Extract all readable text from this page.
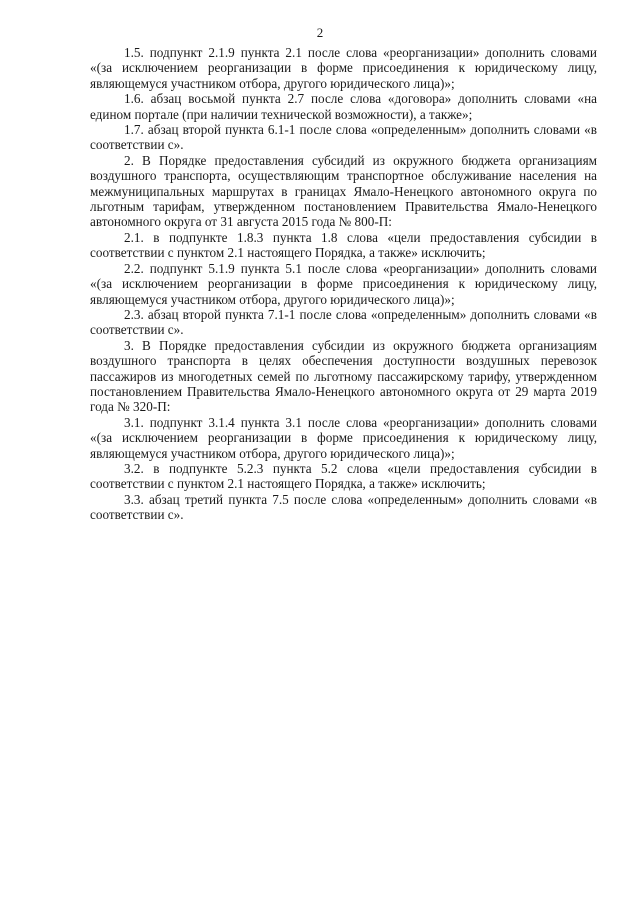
2

1.5. подпункт 2.1.9 пункта 2.1 после слова «реорганизации» дополнить словами «(за исключением реорганизации в форме присоединения к юридическому лицу, являющемуся участником отбора, другого юридического лица)»;

1.6. абзац восьмой пункта 2.7 после слова «договора» дополнить словами «на едином портале (при наличии технической возможности), а также»;

1.7. абзац второй пункта 6.1-1 после слова «определенным» дополнить словами «в соответствии с».

2. В Порядке предоставления субсидий из окружного бюджета организациям воздушного транспорта, осуществляющим транспортное обслуживание населения на межмуниципальных маршрутах в границах Ямало-Ненецкого автономного округа по льготным тарифам, утвержденном постановлением Правительства Ямало-Ненецкого автономного округа от 31 августа 2015 года № 800-П:

2.1. в подпункте 1.8.3 пункта 1.8 слова «цели предоставления субсидии в соответствии с пунктом 2.1 настоящего Порядка, а также» исключить;

2.2. подпункт 5.1.9 пункта 5.1 после слова «реорганизации» дополнить словами «(за исключением реорганизации в форме присоединения к юридическому лицу, являющемуся участником отбора, другого юридического лица)»;

2.3. абзац второй пункта 7.1-1 после слова «определенным» дополнить словами «в соответствии с».

3. В Порядке предоставления субсидии из окружного бюджета организациям воздушного транспорта в целях обеспечения доступности воздушных перевозок пассажиров из многодетных семей по льготному пассажирскому тарифу, утвержденном постановлением Правительства Ямало-Ненецкого автономного округа от 29 марта 2019 года № 320-П:

3.1. подпункт 3.1.4 пункта 3.1 после слова «реорганизации» дополнить словами «(за исключением реорганизации в форме присоединения к юридическому лицу, являющемуся участником отбора, другого юридического лица)»;

3.2. в подпункте 5.2.3 пункта 5.2 слова «цели предоставления субсидии в соответствии с пунктом 2.1 настоящего Порядка, а также» исключить;

3.3. абзац третий пункта 7.5 после слова «определенным» дополнить словами «в соответствии с».
